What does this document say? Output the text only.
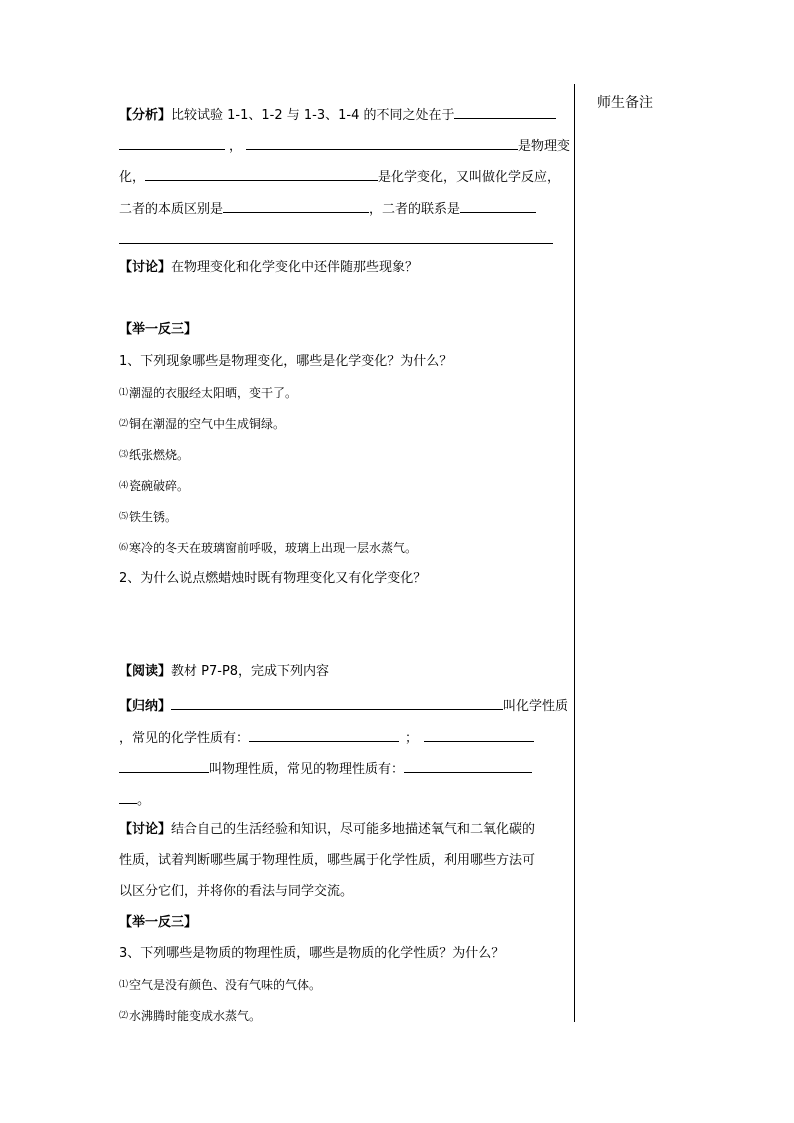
师生备注
【分析】比较试验 1-1、1-2 与 1-3、1-4 的不同之处在于
，	是物理变
化，	是化学变化，又叫做化学反应，
二者的本质区别是	，二者的联系是
【讨论】在物理变化和化学变化中还伴随那些现象？
【举一反三】
1、下列现象哪些是物理变化，哪些是化学变化？为什么？
⑴潮湿的衣服经太阳晒，变干了。
⑵铜在潮湿的空气中生成铜绿。
⑶纸张燃烧。
⑷瓷碗破碎。
⑸铁生锈。
⑹寒冷的冬天在玻璃窗前呼吸，玻璃上出现一层水蒸气。
2、为什么说点燃蜡烛时既有物理变化又有化学变化？
【阅读】教材 P7-P8，完成下列内容
【归纳】	叫化学性质
，常见的化学性质有：	；
叫物理性质，常见的物理性质有：
。
【讨论】结合自己的生活经验和知识，尽可能多地描述氧气和二氧化碳的
性质，试着判断哪些属于物理性质，哪些属于化学性质，利用哪些方法可
以区分它们，并将你的看法与同学交流。
【举一反三】
3、下列哪些是物质的物理性质，哪些是物质的化学性质？为什么？
⑴空气是没有颜色、没有气味的气体。
⑵水沸腾时能变成水蒸气。
